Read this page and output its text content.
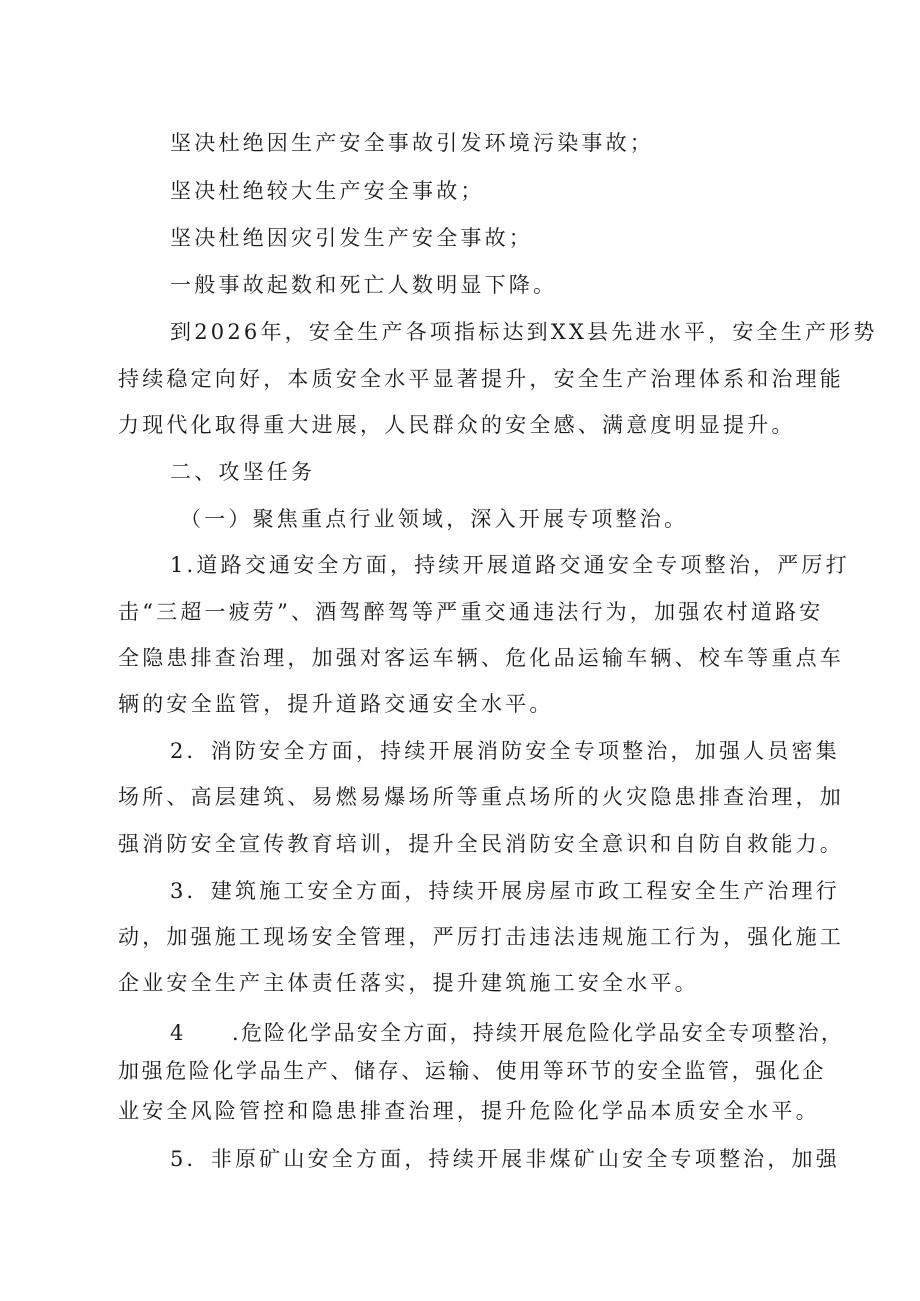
坚决杜绝因生产安全事故引发环境污染事故；
坚决杜绝较大生产安全事故；
坚决杜绝因灾引发生产安全事故；
一般事故起数和死亡人数明显下降。
到2026年，安全生产各项指标达到XX县先进水平，安全生产形势
持续稳定向好，本质安全水平显著提升，安全生产治理体系和治理能
力现代化取得重大进展，人民群众的安全感、满意度明显提升。
二、攻坚任务
（一）聚焦重点行业领域，深入开展专项整治。
1.道路交通安全方面，持续开展道路交通安全专项整治，严厉打
击“三超一疲劳”、酒驾醉驾等严重交通违法行为，加强农村道路安
全隐患排查治理，加强对客运车辆、危化品运输车辆、校车等重点车
辆的安全监管，提升道路交通安全水平。
2．消防安全方面，持续开展消防安全专项整治，加强人员密集
场所、高层建筑、易燃易爆场所等重点场所的火灾隐患排查治理，加
强消防安全宣传教育培训，提升全民消防安全意识和自防自救能力。
3．建筑施工安全方面，持续开展房屋市政工程安全生产治理行
动，加强施工现场安全管理，严厉打击违法违规施工行为，强化施工
企业安全生产主体责任落实，提升建筑施工安全水平。
4　　.危险化学品安全方面，持续开展危险化学品安全专项整治，
加强危险化学品生产、储存、运输、使用等环节的安全监管，强化企
业安全风险管控和隐患排查治理，提升危险化学品本质安全水平。
5．非原矿山安全方面，持续开展非煤矿山安全专项整治，加强
